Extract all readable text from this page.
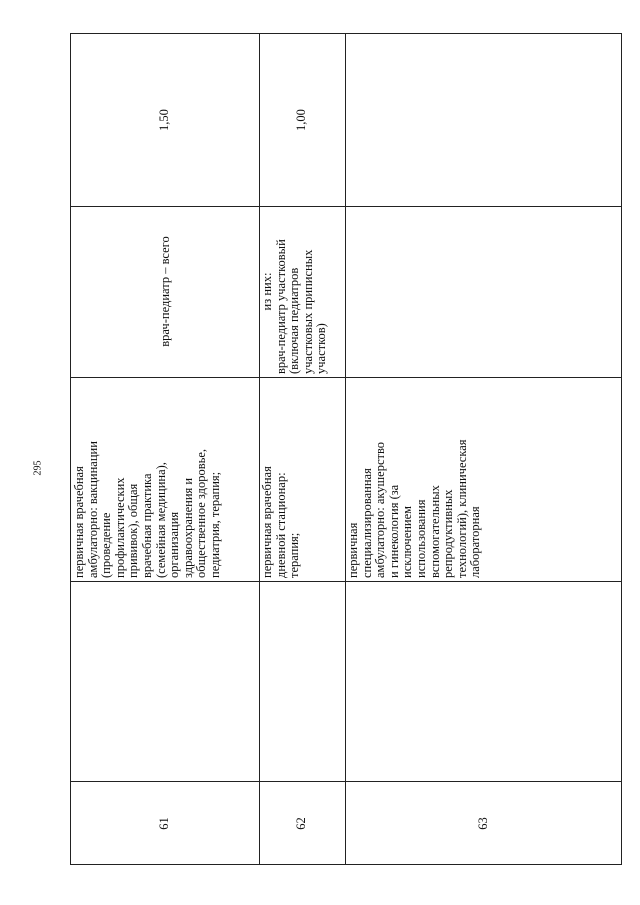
295
1,50
врач-педиатр – всего
первичная врачебная амбулаторно: вакцинации (проведение профилактических прививок), общая врачебная практика (семейная медицина), организация здравоохранения и общественное здоровье, педиатрия, терапия;
61
1,00
из них: врач-педиатр участковый (включая педиатров участковых приписных участков)
первичная врачебная дневной стационар: терапия;
62
первичная специализированная амбулаторно: акушерство и гинекология (за исключением использования вспомогательных репродуктивных технологий), клиническая лабораторная
63
